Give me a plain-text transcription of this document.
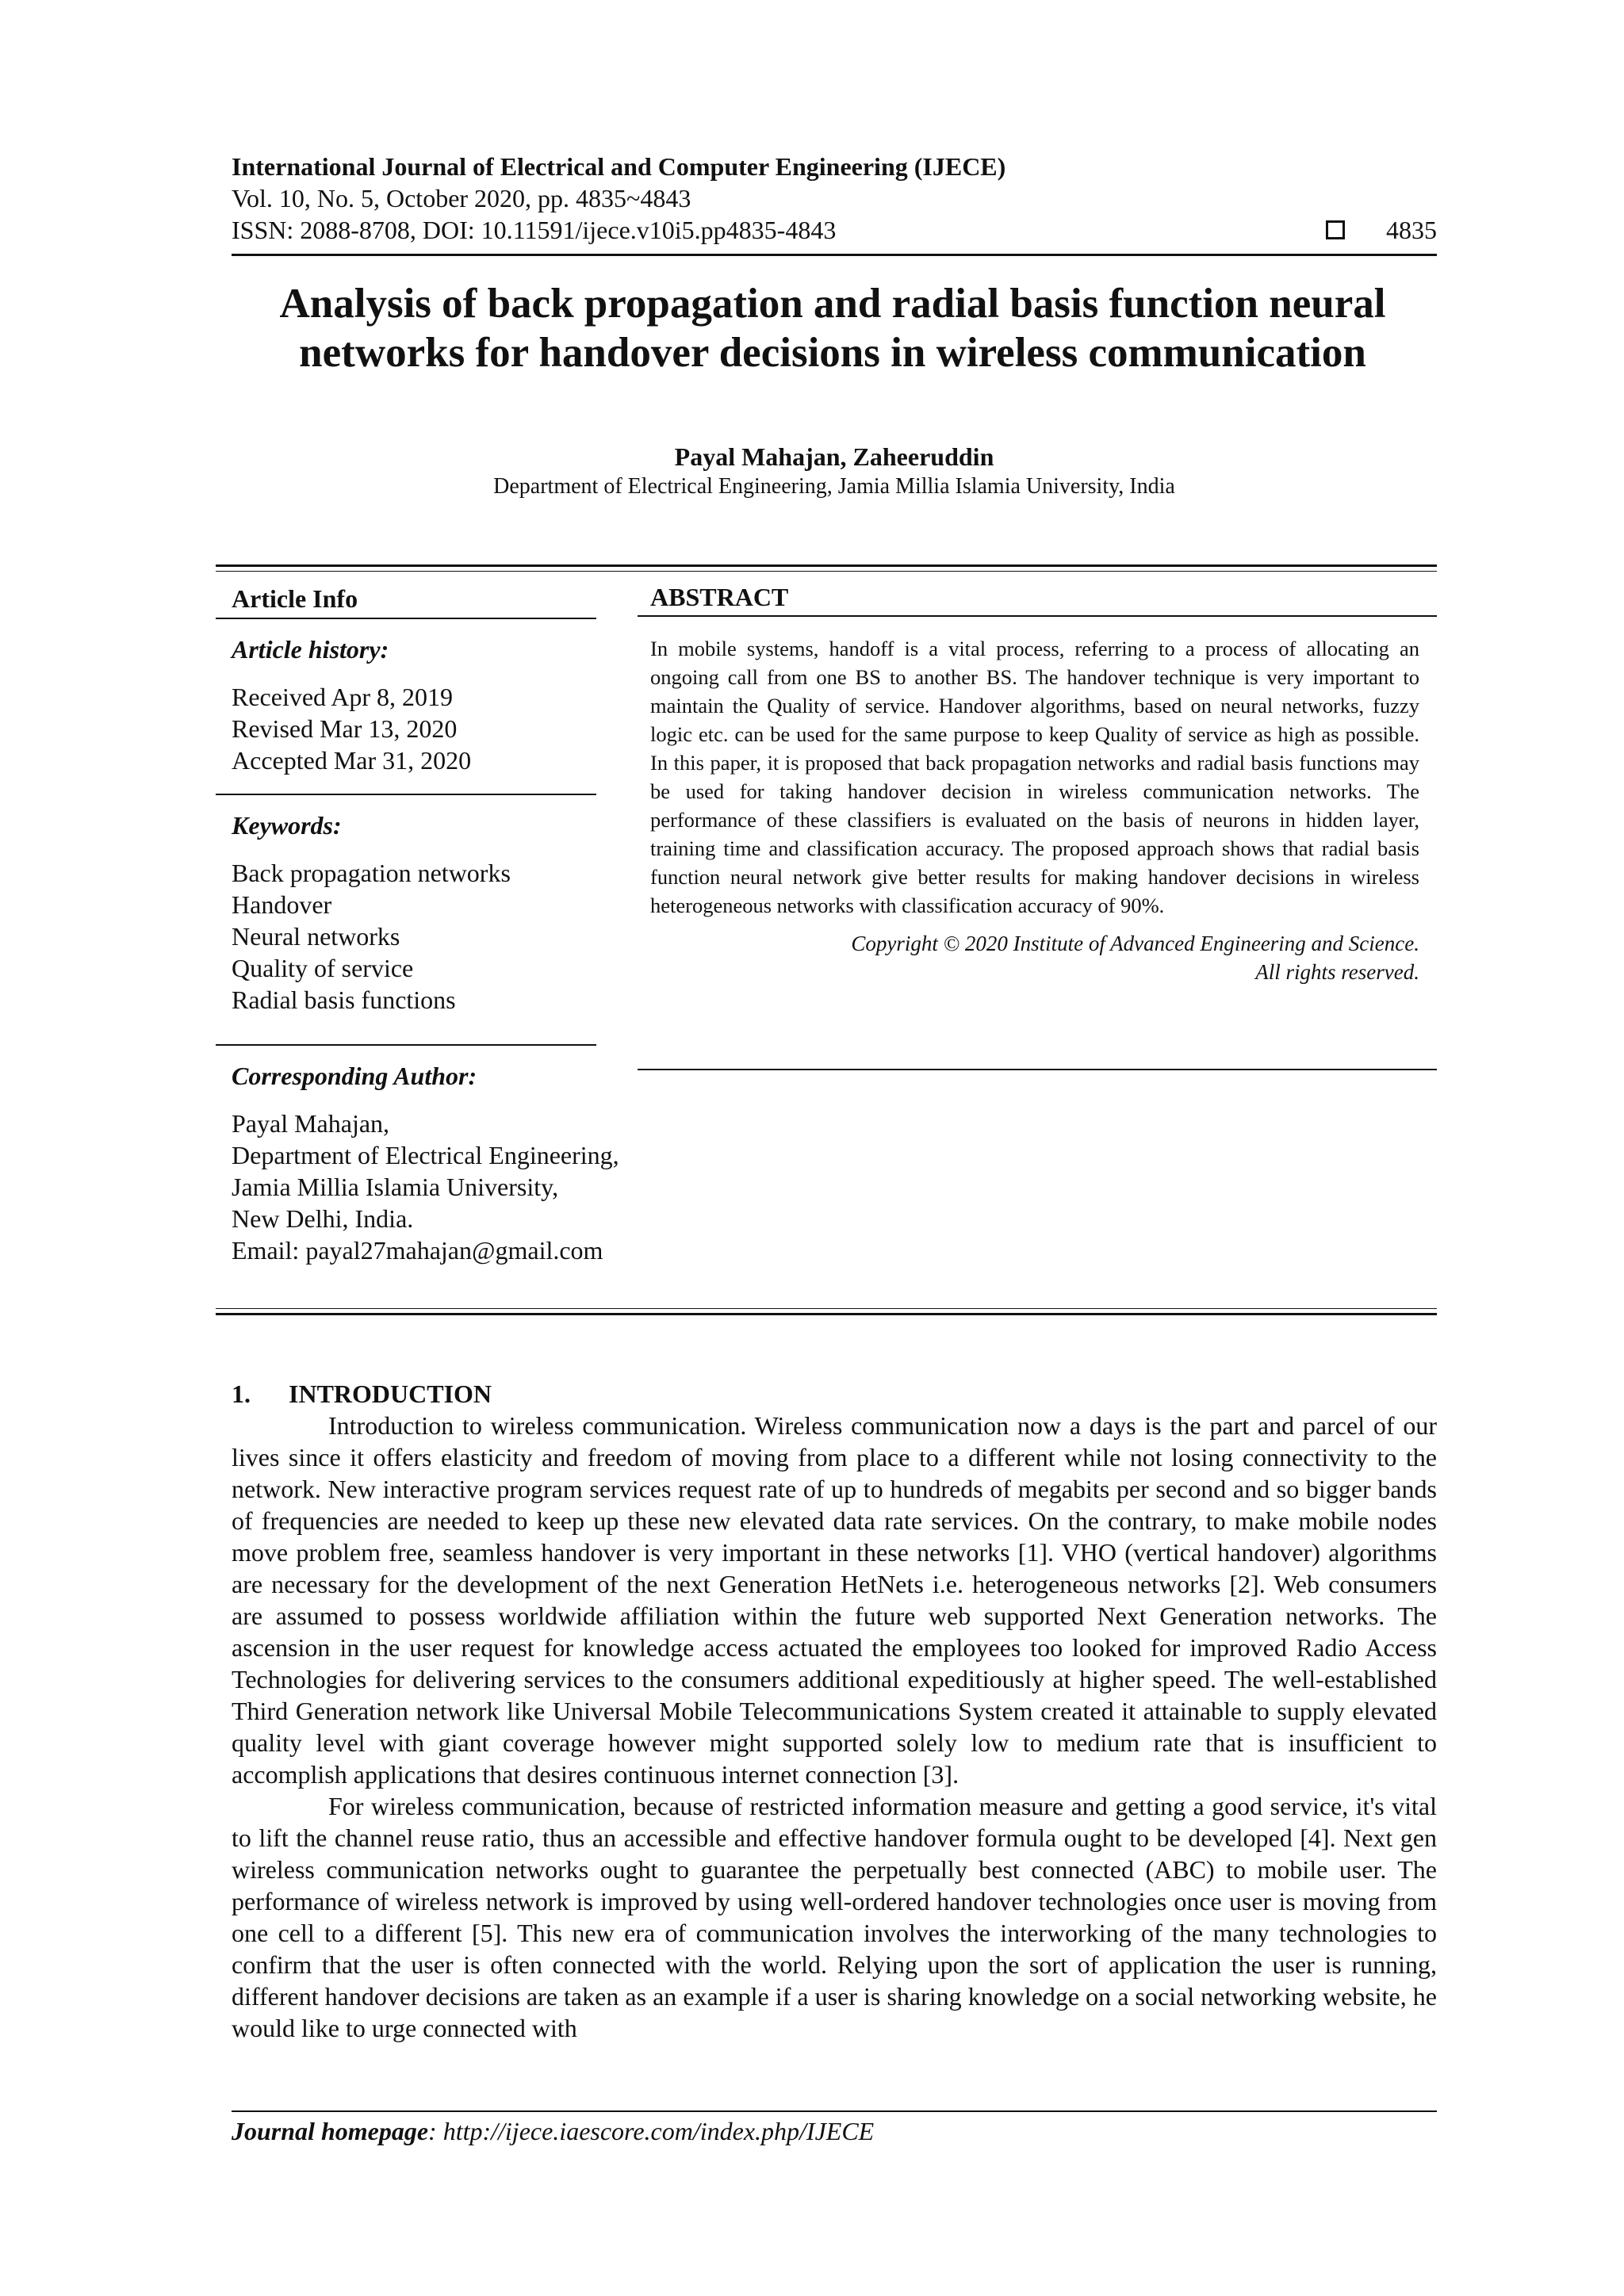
International Journal of Electrical and Computer Engineering (IJECE)
Vol. 10, No. 5, October 2020, pp. 4835~4843
ISSN: 2088-8708, DOI: 10.11591/ijece.v10i5.pp4835-4843	4835
Analysis of back propagation and radial basis function neural
networks for handover decisions in wireless communication
Payal Mahajan, Zaheeruddin
Department of Electrical Engineering, Jamia Millia Islamia University, India
Article Info
Article history:
Received Apr 8, 2019
Revised Mar 13, 2020
Accepted Mar 31, 2020
Keywords:
Back propagation networks
Handover
Neural networks
Quality of service
Radial basis functions
Corresponding Author:
Payal Mahajan,
Department of Electrical Engineering,
Jamia Millia Islamia University,
New Delhi, India.
Email: payal27mahajan@gmail.com
ABSTRACT
In mobile systems, handoff is a vital process, referring to a process of allocating an ongoing call from one BS to another BS. The handover technique is very important to maintain the Quality of service. Handover algorithms, based on neural networks, fuzzy logic etc. can be used for the same purpose to keep Quality of service as high as possible. In this paper, it is proposed that back propagation networks and radial basis functions may be used for taking handover decision in wireless communication networks. The performance of these classifiers is evaluated on the basis of neurons in hidden layer, training time and classification accuracy. The proposed approach shows that radial basis function neural network give better results for making handover decisions in wireless heterogeneous networks with classification accuracy of 90%.
Copyright © 2020 Institute of Advanced Engineering and Science.
All rights reserved.
1.      INTRODUCTION

Introduction to wireless communication. Wireless communication now a days is the part and parcel of our lives since it offers elasticity and freedom of moving from place to a different while not losing connectivity to the network. New interactive program services request rate of up to hundreds of megabits per second and so bigger bands of frequencies are needed to keep up these new elevated data rate services. On the contrary, to make mobile nodes move problem free, seamless handover is very important in these networks [1]. VHO (vertical handover) algorithms are necessary for the development of the next Generation HetNets i.e. heterogeneous networks [2]. Web consumers are assumed to possess worldwide affiliation within the future web supported Next Generation networks. The ascension in the user request for knowledge access actuated the employees too looked for improved Radio Access Technologies for delivering services to the consumers additional expeditiously at higher speed. The well-established Third Generation network like Universal Mobile Telecommunications System created it attainable to supply elevated quality level with giant coverage however might supported solely low to medium rate that is insufficient to accomplish applications that desires continuous internet connection [3].

For wireless communication, because of restricted information measure and getting a good service, it's vital to lift the channel reuse ratio, thus an accessible and effective handover formula ought to be developed [4]. Next gen wireless communication networks ought to guarantee the perpetually best connected (ABC) to mobile user. The performance of wireless network is improved by using well-ordered handover technologies once user is moving from one cell to a different [5]. This new era of communication involves the interworking of the many technologies to confirm that the user is often connected with the world. Relying upon the sort of application the user is running, different handover decisions are taken as an example if a user is sharing knowledge on a social networking website, he would like to urge connected with

Journal homepage: http://ijece.iaescore.com/index.php/IJECE
